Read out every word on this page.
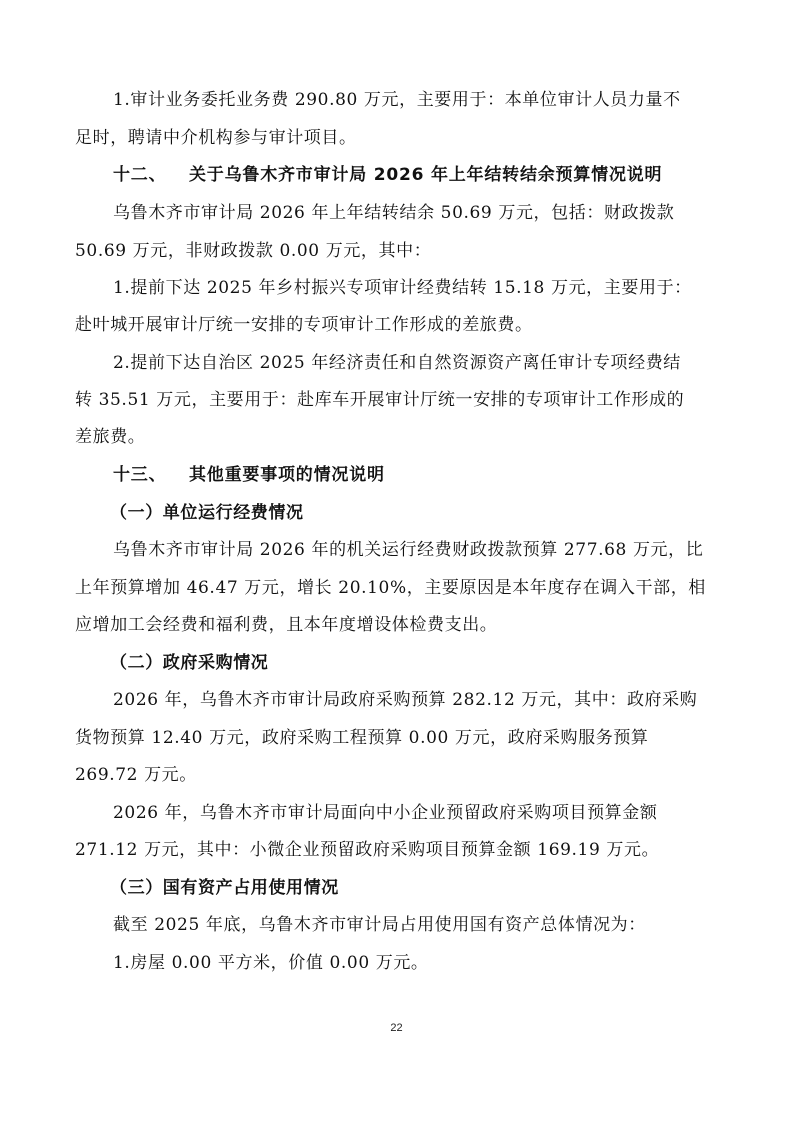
1.审计业务委托业务费 290.80 万元，主要用于：本单位审计人员力量不
足时，聘请中介机构参与审计项目。
十二、 关于乌鲁木齐市审计局 2026 年上年结转结余预算情况说明
乌鲁木齐市审计局 2026 年上年结转结余 50.69 万元，包括：财政拨款
50.69 万元，非财政拨款 0.00 万元，其中：
1.提前下达 2025 年乡村振兴专项审计经费结转 15.18 万元，主要用于：
赴叶城开展审计厅统一安排的专项审计工作形成的差旅费。
2.提前下达自治区 2025 年经济责任和自然资源资产离任审计专项经费结
转 35.51 万元，主要用于：赴库车开展审计厅统一安排的专项审计工作形成的
差旅费。
十三、 其他重要事项的情况说明
（一）单位运行经费情况
乌鲁木齐市审计局 2026 年的机关运行经费财政拨款预算 277.68 万元，比
上年预算增加 46.47 万元，增长 20.10%，主要原因是本年度存在调入干部，相
应增加工会经费和福利费，且本年度增设体检费支出。
（二）政府采购情况
2026 年，乌鲁木齐市审计局政府采购预算 282.12 万元，其中：政府采购
货物预算 12.40 万元，政府采购工程预算 0.00 万元，政府采购服务预算
269.72 万元。
2026 年，乌鲁木齐市审计局面向中小企业预留政府采购项目预算金额
271.12 万元，其中：小微企业预留政府采购项目预算金额 169.19 万元。
（三）国有资产占用使用情况
截至 2025 年底，乌鲁木齐市审计局占用使用国有资产总体情况为：
1.房屋 0.00 平方米，价值 0.00 万元。
22
